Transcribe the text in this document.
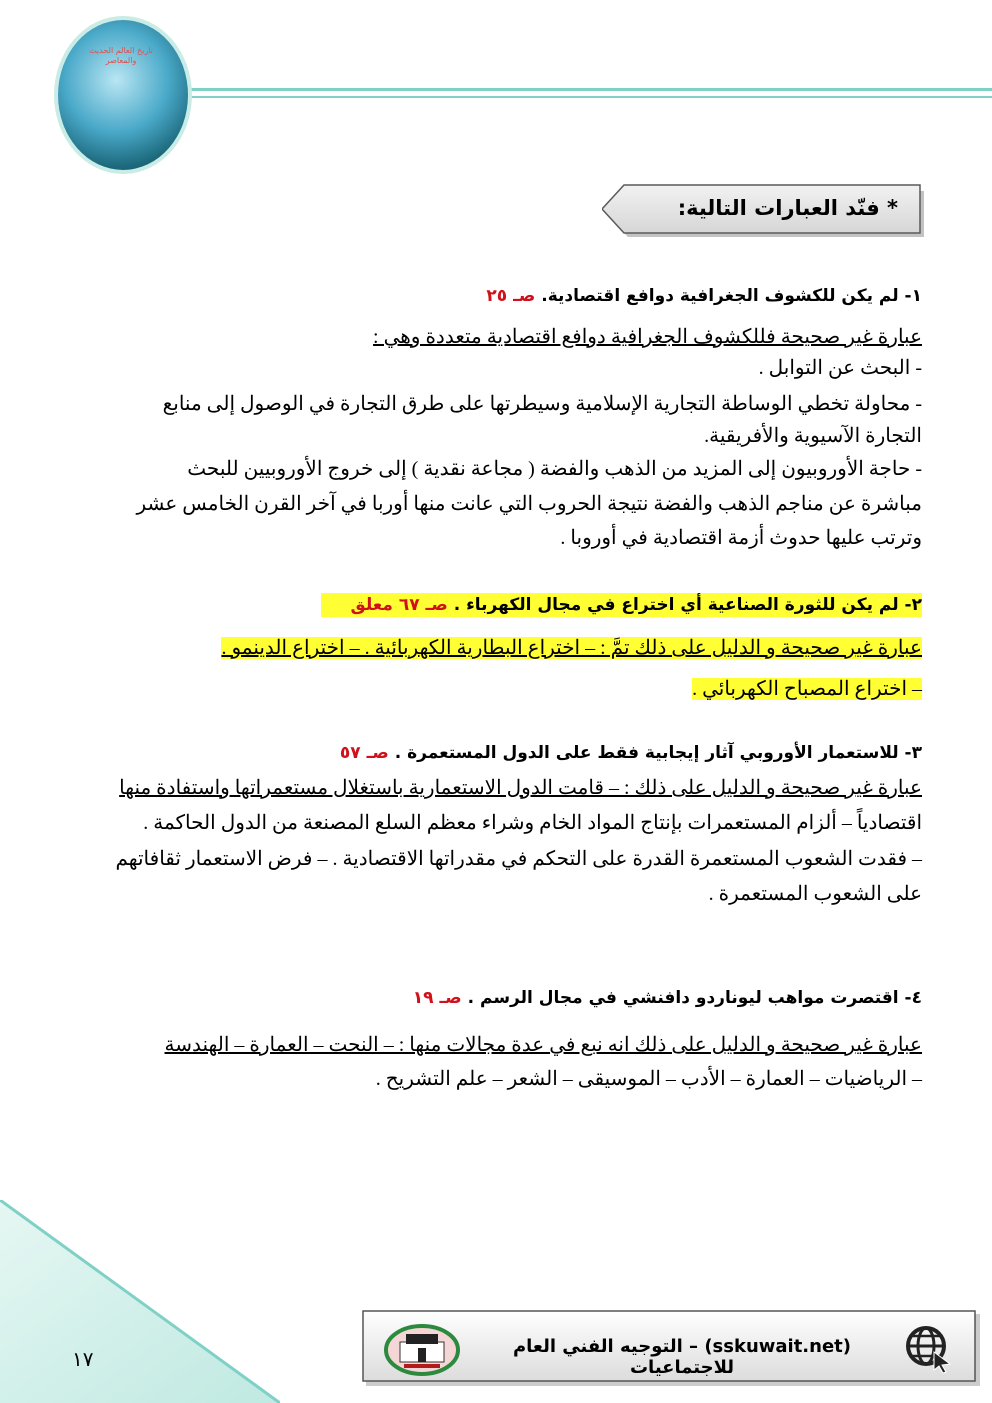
تاريخ العالم الحديث والمعاصر
* فنّد العبارات التالية:
١- لم يكن للكشوف الجغرافية دوافع اقتصادية. صـ ٢٥
عبارة غير صحيحة فللكشوف الجغرافية دوافع اقتصادية متعددة وهي :
- البحث عن التوابل .
- محاولة تخطي الوساطة التجارية الإسلامية وسيطرتها على طرق التجارة في الوصول إلى منابع
التجارة الآسيوية والأفريقية.
- حاجة الأوروبيون إلى المزيد من الذهب والفضة ( مجاعة نقدية ) إلى خروج الأوروبيين للبحث
مباشرة عن مناجم الذهب والفضة نتيجة الحروب التي عانت منها أوربا في آخر القرن الخامس عشر
وترتب عليها حدوث أزمة اقتصادية في أوروبا .
٢- لم يكن للثورة الصناعية أي اختراع في مجال الكهرباء . صـ ٦٧ معلق
عبارة غير صحيحة و الدليل على ذلك تمَّ : – اختراع البطارية الكهربائية . – اختراع الدينمو .
– اختراع المصباح الكهربائي .
٣- للاستعمار الأوروبي آثار إيجابية فقط على الدول المستعمرة . صـ ٥٧
عبارة غير صحيحة و الدليل على ذلك : – قامت الدول الاستعمارية باستغلال مستعمراتها واستفادة منها
اقتصادياً – ألزام المستعمرات بإنتاج المواد الخام وشراء معظم السلع المصنعة من الدول الحاكمة .
– فقدت الشعوب المستعمرة القدرة على التحكم في مقدراتها الاقتصادية . – فرض الاستعمار ثقافاتهم
على الشعوب المستعمرة .
٤- اقتصرت مواهب ليوناردو دافنشي في مجال الرسم . صـ ١٩
عبارة غير صحيحة و الدليل على ذلك انه نبع في عدة مجالات منها : – النحت – العمارة – الهندسة
– الرياضيات – العمارة – الأدب – الموسيقى – الشعر – علم التشريح .
١٧
(sskuwait.net) – التوجيه الفني العام للاجتماعيات
